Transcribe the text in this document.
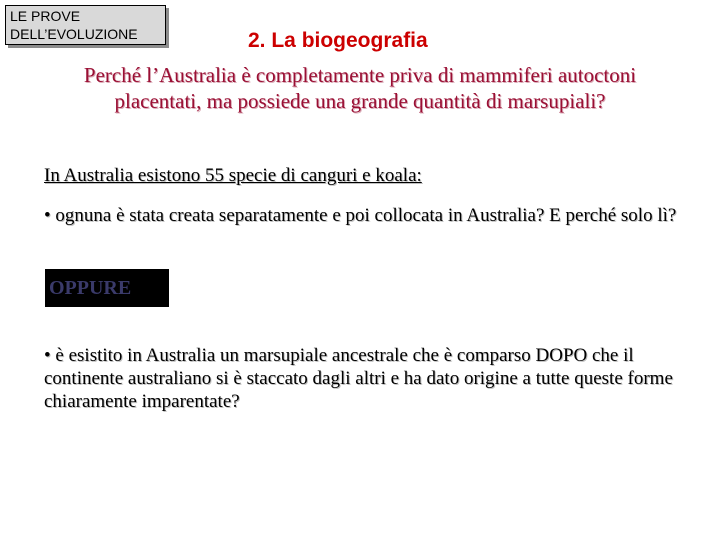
LE PROVE
DELL’EVOLUZIONE	2. La biogeografia

Perché l’Australia è completamente priva di mammiferi autoctoni placentati, ma possiede una grande quantità di marsupiali?

In Australia esistono 55 specie di canguri e koala:

• ognuna è stata creata separatamente e poi collocata in Australia? E perché solo lì?

OPPURE

• è esistito in Australia un marsupiale ancestrale che è comparso DOPO che il continente australiano si è staccato dagli altri e ha dato origine a tutte queste forme chiaramente imparentate?
